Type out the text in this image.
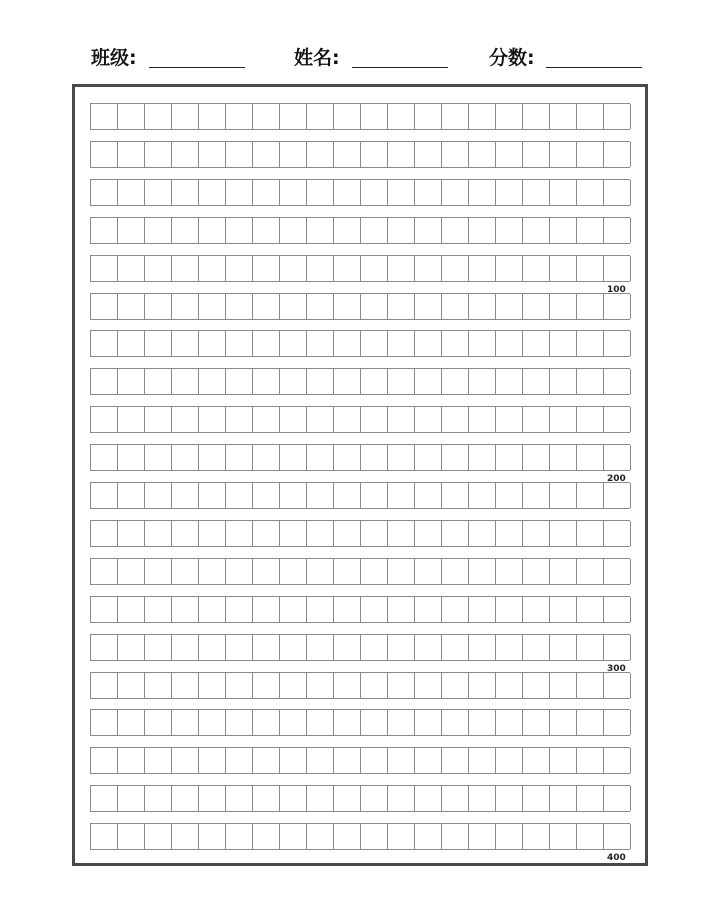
班级:	姓名:	分数:
100
200
300
400
